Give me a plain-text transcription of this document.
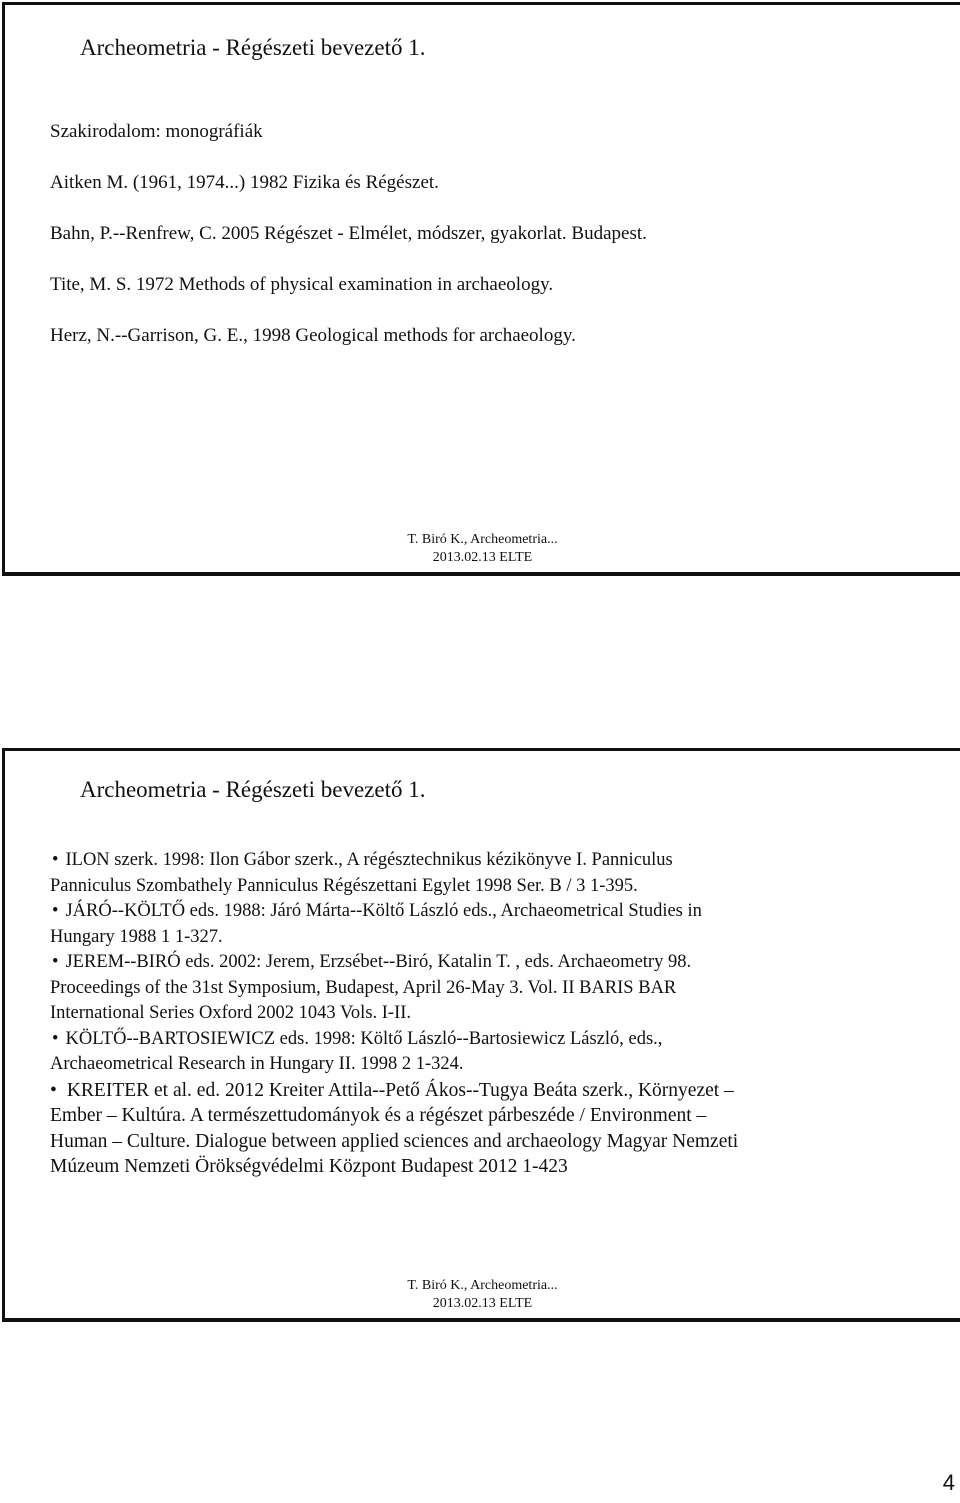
Archeometria - Régészeti bevezető 1.
Szakirodalom: monográfiák
Aitken M. (1961, 1974...) 1982 Fizika és Régészet.
Bahn, P.--Renfrew, C. 2005 Régészet - Elmélet, módszer, gyakorlat. Budapest.
Tite, M. S. 1972 Methods of physical examination in archaeology.
Herz, N.--Garrison, G. E., 1998 Geological methods for archaeology.
T. Biró K., Archeometria...
2013.02.13 ELTE
Archeometria - Régészeti bevezető 1.

• ILON szerk. 1998: Ilon Gábor szerk., A régésztechnikus kézikönyve I. Panniculus Panniculus Szombathely Panniculus Régészettani Egylet 1998 Ser. B / 3 1-395.

• JÁRÓ--KÖLTŐ eds. 1988: Járó Márta--Költő László eds., Archaeometrical Studies in Hungary 1988 1 1-327.

• JEREM--BIRÓ eds. 2002: Jerem, Erzsébet--Biró, Katalin T. , eds. Archaeometry 98. Proceedings of the 31st Symposium, Budapest, April 26-May 3. Vol. II BARIS BAR International Series Oxford 2002 1043 Vols. I-II.

• KÖLTŐ--BARTOSIEWICZ eds. 1998: Költő László--Bartosiewicz László, eds., Archaeometrical Research in Hungary II. 1998 2 1-324.

• KREITER et al. ed. 2012 Kreiter Attila--Pető Ákos--Tugya Beáta szerk., Környezet – Ember – Kultúra. A természettudományok és a régészet párbeszéde / Environment – Human – Culture. Dialogue between applied sciences and archaeology Magyar Nemzeti Múzeum Nemzeti Örökségvédelmi Központ Budapest 2012 1-423

T. Biró K., Archeometria...
2013.02.13 ELTE
4
